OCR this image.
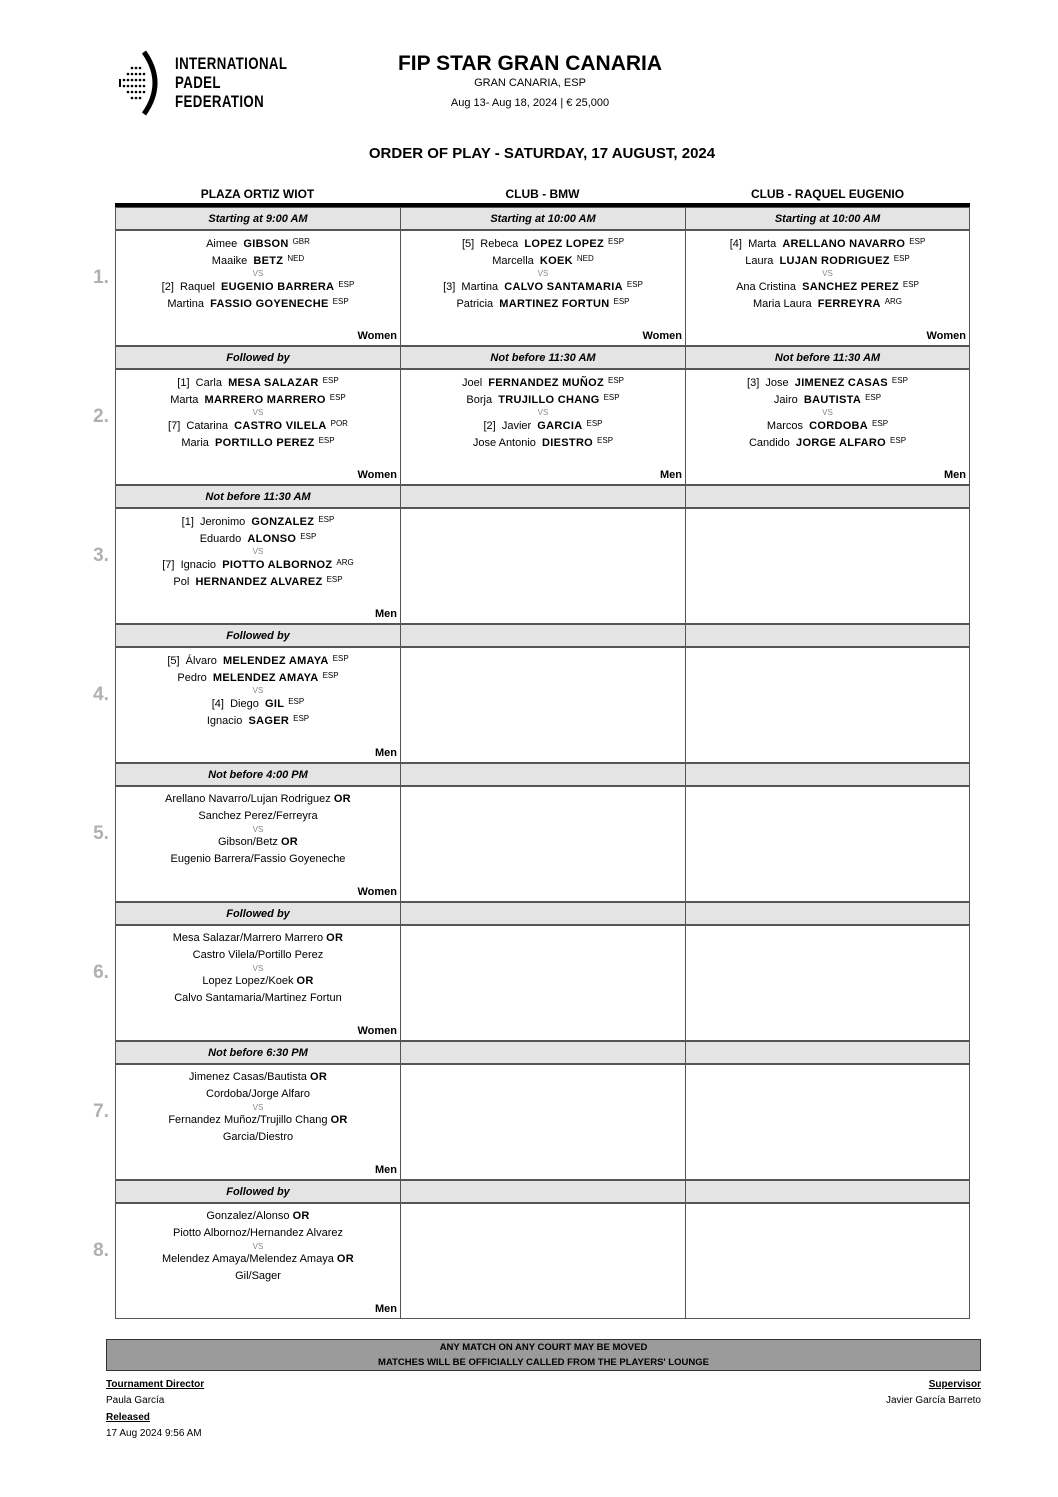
INTERNATIONAL
PADEL
FEDERATION
FIP STAR GRAN CANARIA
GRAN CANARIA, ESP
Aug 13- Aug 18, 2024 | € 25,000
ORDER OF PLAY - SATURDAY, 17 AUGUST, 2024
PLAZA ORTIZ WIOT	CLUB - BMW	CLUB - RAQUEL EUGENIO
1.
Starting at 9:00 AM
Aimee GIBSON $^{GBR}$
Maaike BETZ $^{NED}$
VS
[2] Raquel EUGENIO BARRERA $^{ESP}$
Martina FASSIO GOYENECHE $^{ESP}$
Women
Starting at 10:00 AM
[5] Rebeca LOPEZ LOPEZ $^{ESP}$
Marcella KOEK $^{NED}$
VS
[3] Martina CALVO SANTAMARIA $^{ESP}$
Patricia MARTINEZ FORTUN $^{ESP}$
Women
Starting at 10:00 AM
[4] Marta ARELLANO NAVARRO $^{ESP}$
Laura LUJAN RODRIGUEZ $^{ESP}$
VS
Ana Cristina SANCHEZ PEREZ $^{ESP}$
Maria Laura FERREYRA $^{ARG}$
Women
2.
Followed by
[1] Carla MESA SALAZAR $^{ESP}$
Marta MARRERO MARRERO $^{ESP}$
VS
[7] Catarina CASTRO VILELA $^{POR}$
Maria PORTILLO PEREZ $^{ESP}$
Women
Not before 11:30 AM
Joel FERNANDEZ MUÑOZ $^{ESP}$
Borja TRUJILLO CHANG $^{ESP}$
VS
[2] Javier GARCIA $^{ESP}$
Jose Antonio DIESTRO $^{ESP}$
Men
Not before 11:30 AM
[3] Jose JIMENEZ CASAS $^{ESP}$
Jairo BAUTISTA $^{ESP}$
VS
Marcos CORDOBA $^{ESP}$
Candido JORGE ALFARO $^{ESP}$
Men
3.
Not before 11:30 AM
[1] Jeronimo GONZALEZ $^{ESP}$
Eduardo ALONSO $^{ESP}$
VS
[7] Ignacio PIOTTO ALBORNOZ $^{ARG}$
Pol HERNANDEZ ALVAREZ $^{ESP}$
Men
4.
Followed by
[5] Álvaro MELENDEZ AMAYA $^{ESP}$
Pedro MELENDEZ AMAYA $^{ESP}$
VS
[4] Diego GIL $^{ESP}$
Ignacio SAGER $^{ESP}$
Men
5.
Not before 4:00 PM
Arellano Navarro/Lujan Rodriguez OR
Sanchez Perez/Ferreyra
VS
Gibson/Betz OR
Eugenio Barrera/Fassio Goyeneche
Women
6.
Followed by
Mesa Salazar/Marrero Marrero OR
Castro Vilela/Portillo Perez
VS
Lopez Lopez/Koek OR
Calvo Santamaria/Martinez Fortun
Women
7.
Not before 6:30 PM
Jimenez Casas/Bautista OR
Cordoba/Jorge Alfaro
VS
Fernandez Muñoz/Trujillo Chang OR
Garcia/Diestro
Men
8.
Followed by
Gonzalez/Alonso OR
Piotto Albornoz/Hernandez Alvarez
VS
Melendez Amaya/Melendez Amaya OR
Gil/Sager
Men
ANY MATCH ON ANY COURT MAY BE MOVED
MATCHES WILL BE OFFICIALLY CALLED FROM THE PLAYERS' LOUNGE
Tournament Director
Paula García
Released
17 Aug 2024 9:56 AM
Supervisor
Javier García Barreto
